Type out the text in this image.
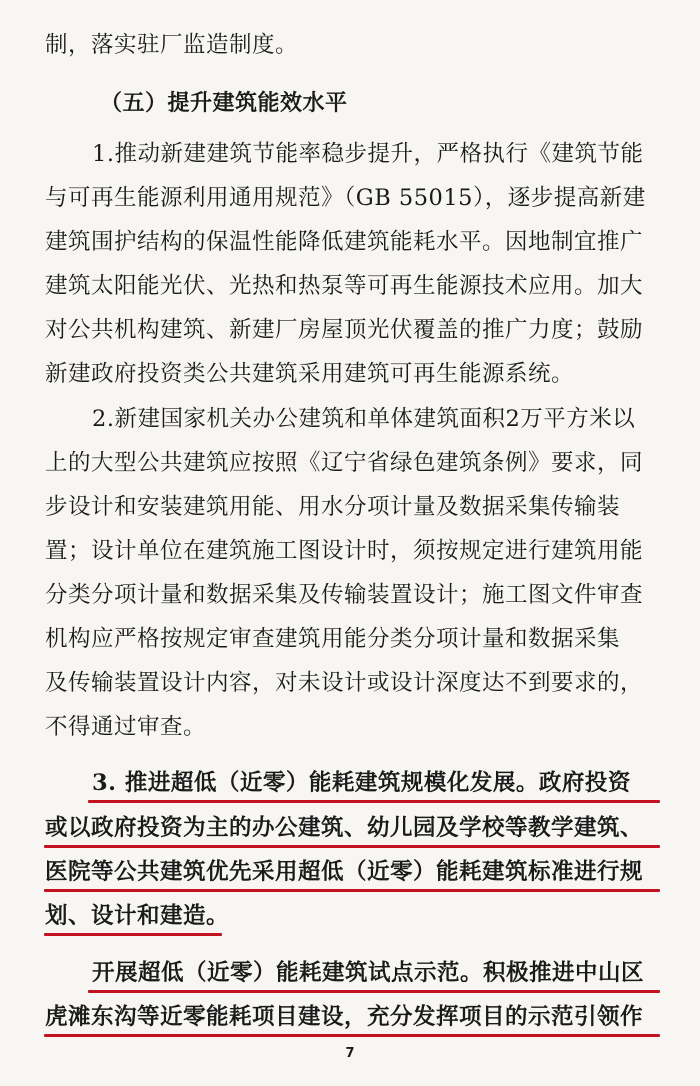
制，落实驻厂监造制度。
（五）提升建筑能效水平
1.推动新建建筑节能率稳步提升，严格执行《建筑节能
与可再生能源利用通用规范》（GB 55015），逐步提高新建
建筑围护结构的保温性能降低建筑能耗水平。因地制宜推广
建筑太阳能光伏、光热和热泵等可再生能源技术应用。加大
对公共机构建筑、新建厂房屋顶光伏覆盖的推广力度；鼓励
新建政府投资类公共建筑采用建筑可再生能源系统。
2.新建国家机关办公建筑和单体建筑面积2万平方米以
上的大型公共建筑应按照《辽宁省绿色建筑条例》要求，同
步设计和安装建筑用能、用水分项计量及数据采集传输装
置；设计单位在建筑施工图设计时，须按规定进行建筑用能
分类分项计量和数据采集及传输装置设计；施工图文件审查
机构应严格按规定审查建筑用能分类分项计量和数据采集
及传输装置设计内容，对未设计或设计深度达不到要求的，
不得通过审查。
3. 推进超低（近零）能耗建筑规模化发展。政府投资
或以政府投资为主的办公建筑、幼儿园及学校等教学建筑、
医院等公共建筑优先采用超低（近零）能耗建筑标准进行规
划、设计和建造。
开展超低（近零）能耗建筑试点示范。积极推进中山区
虎滩东沟等近零能耗项目建设，充分发挥项目的示范引领作
7
